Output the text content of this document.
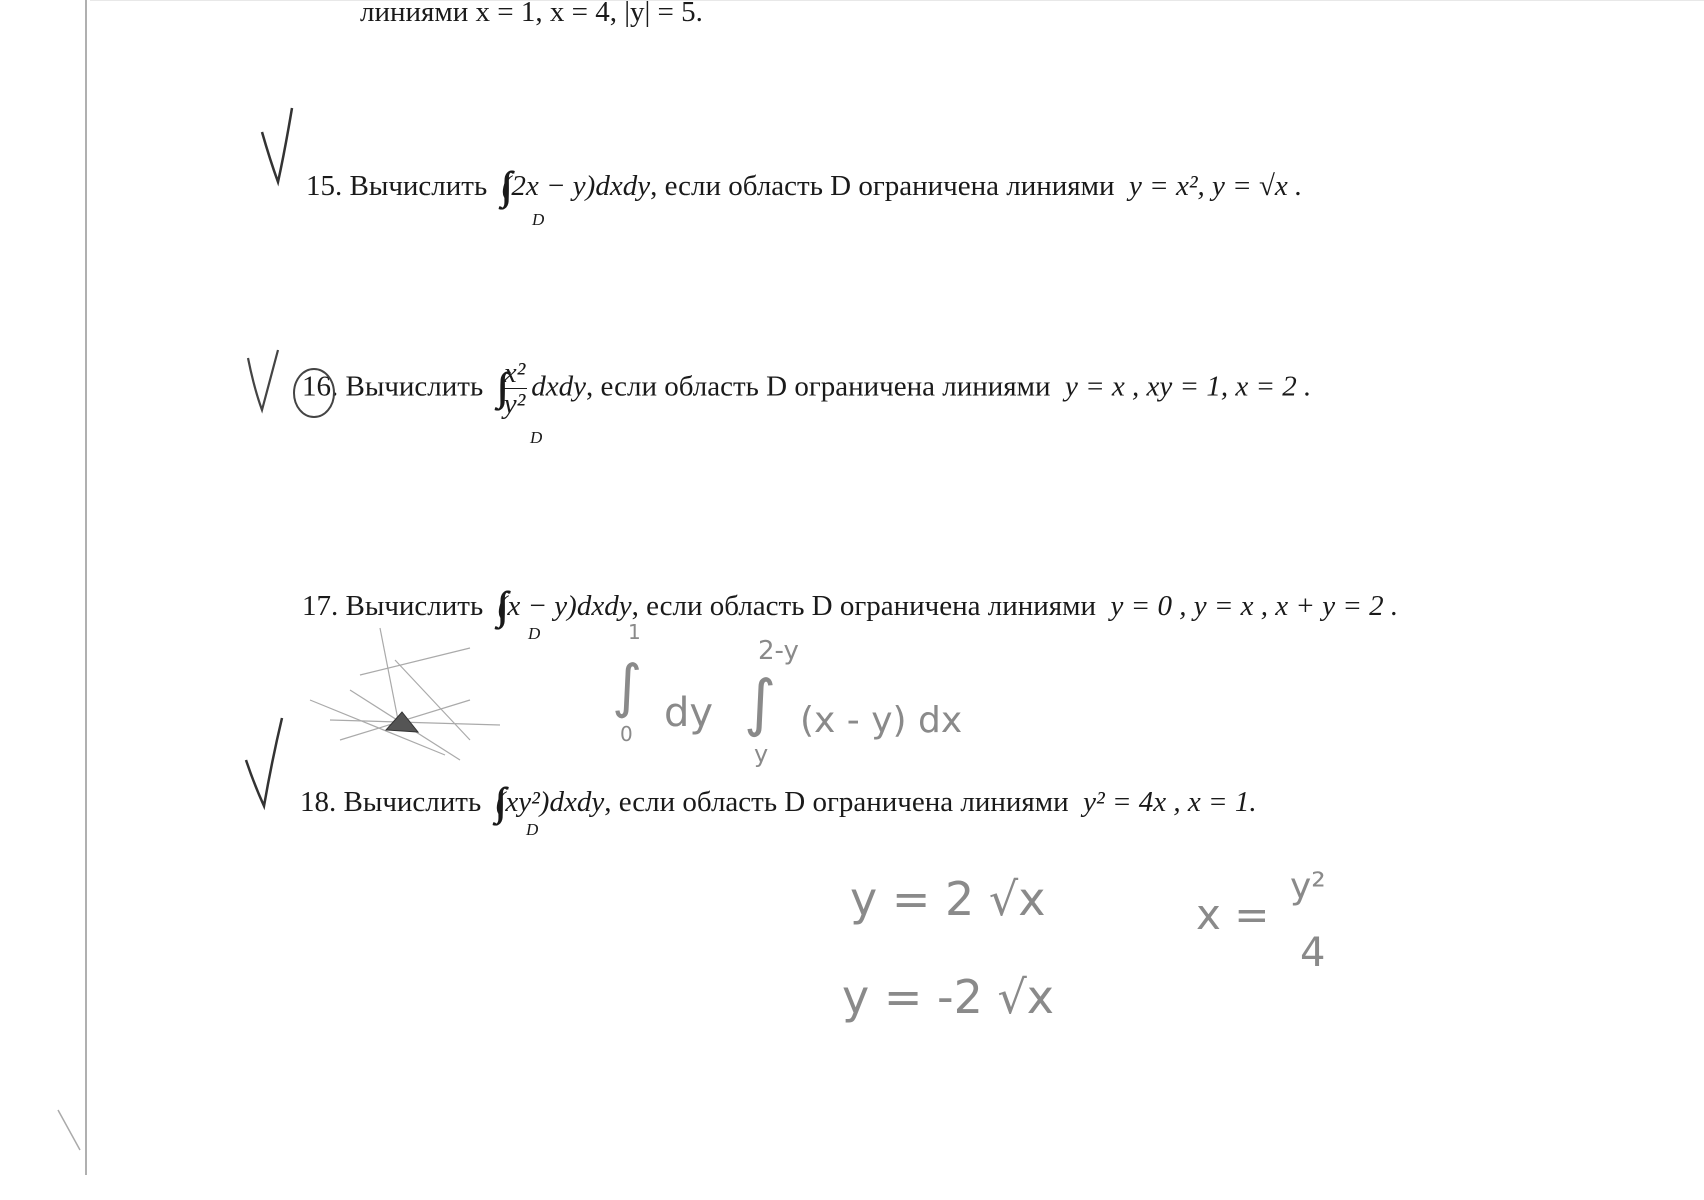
линиями x = 1, x = 4, |y| = 5.
15. Вычислить (2x − y)dxdy, если область D ограничена линиями y = x², y = √x .
D
16. Вычислить $\frac{\text{x²}}{\text{y²}}$ dxdy, если область D ограничена линиями y = x , xy = 1, x = 2 .
D
17. Вычислить (x − y)dxdy, если область D ограничена линиями y = 0 , y = x , x + y = 2 .
D
18. Вычислить (xy²)dxdy, если область D ограничена линиями y² = 4x , x = 1.
D
1
∫
0 dy
2-y
∫
y
(x - y) dx
y = 2 √x
y = -2 √x
x =
y²
4
